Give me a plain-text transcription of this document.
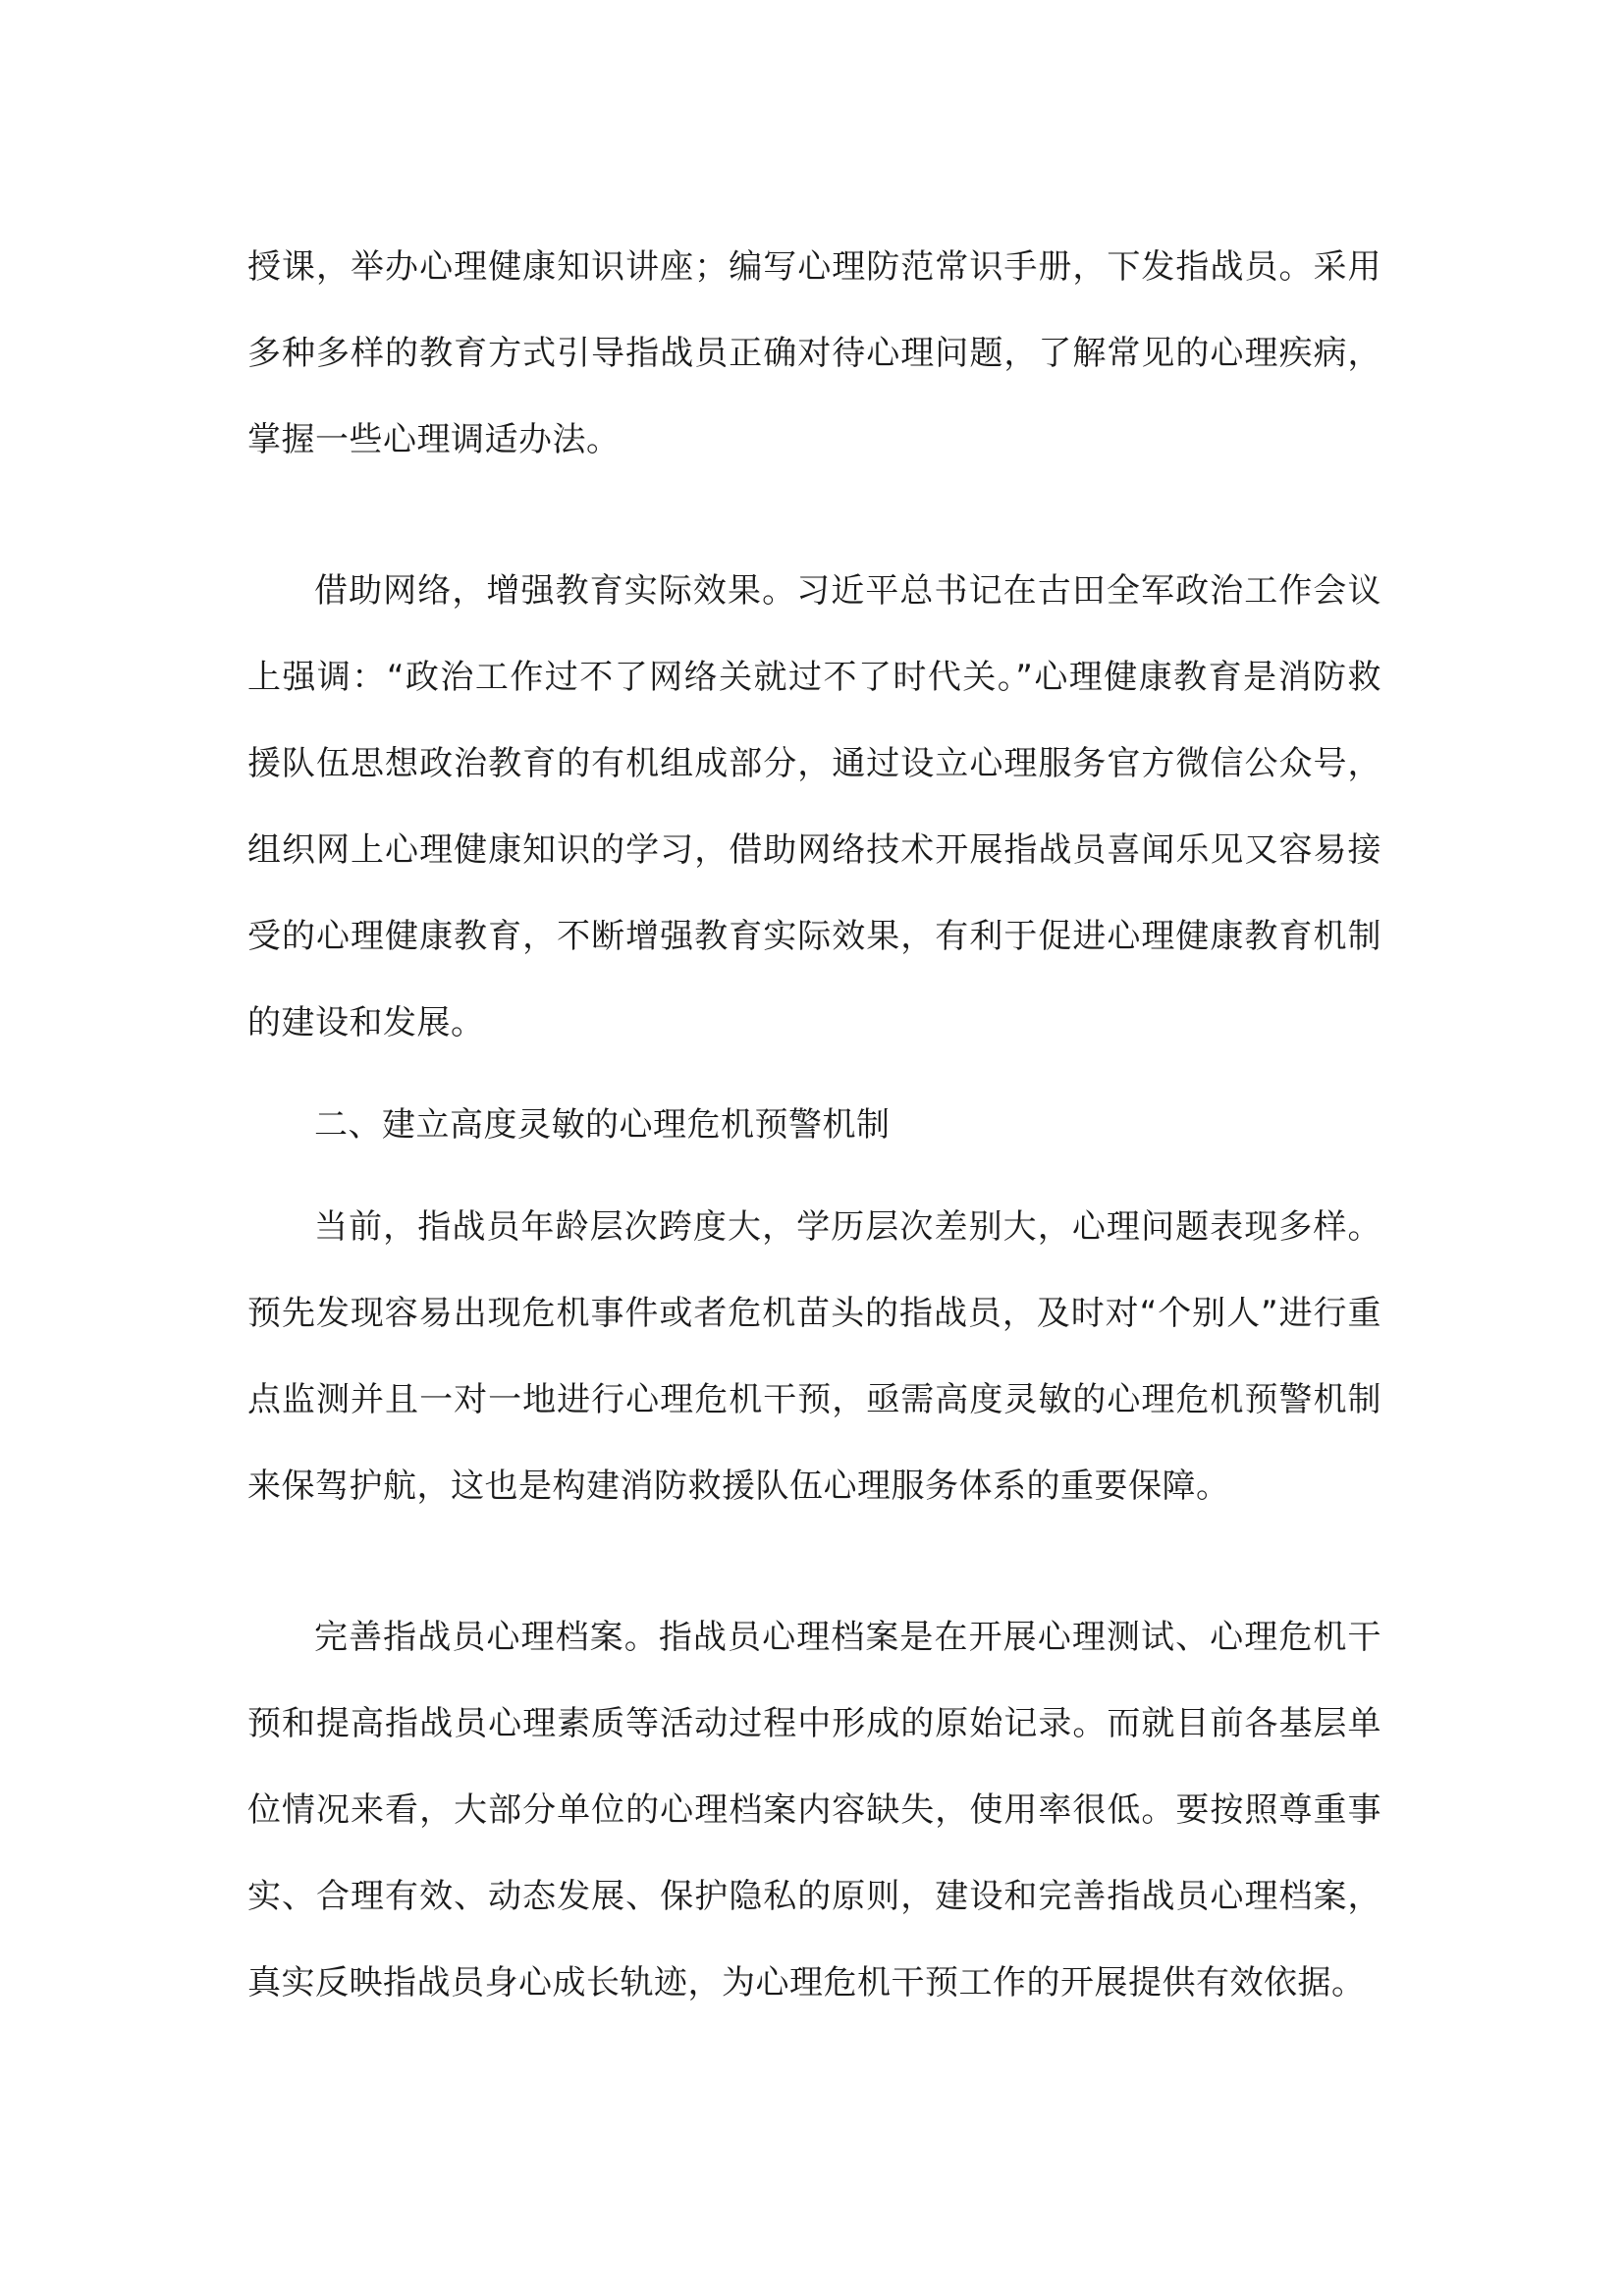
授课，举办心理健康知识讲座；编写心理防范常识手册，下发指战员。采用多种多样的教育方式引导指战员正确对待心理问题，了解常见的心理疾病，掌握一些心理调适办法。

借助网络，增强教育实际效果。习近平总书记在古田全军政治工作会议上强调：“政治工作过不了网络关就过不了时代关。”心理健康教育是消防救援队伍思想政治教育的有机组成部分，通过设立心理服务官方微信公众号，组织网上心理健康知识的学习，借助网络技术开展指战员喜闻乐见又容易接受的心理健康教育，不断增强教育实际效果，有利于促进心理健康教育机制的建设和发展。

二、建立高度灵敏的心理危机预警机制

当前，指战员年龄层次跨度大，学历层次差别大，心理问题表现多样。预先发现容易出现危机事件或者危机苗头的指战员，及时对“个别人”进行重点监测并且一对一地进行心理危机干预，亟需高度灵敏的心理危机预警机制来保驾护航，这也是构建消防救援队伍心理服务体系的重要保障。

完善指战员心理档案。指战员心理档案是在开展心理测试、心理危机干预和提高指战员心理素质等活动过程中形成的原始记录。而就目前各基层单位情况来看，大部分单位的心理档案内容缺失，使用率很低。要按照尊重事实、合理有效、动态发展、保护隐私的原则，建设和完善指战员心理档案，真实反映指战员身心成长轨迹，为心理危机干预工作的开展提供有效依据。
